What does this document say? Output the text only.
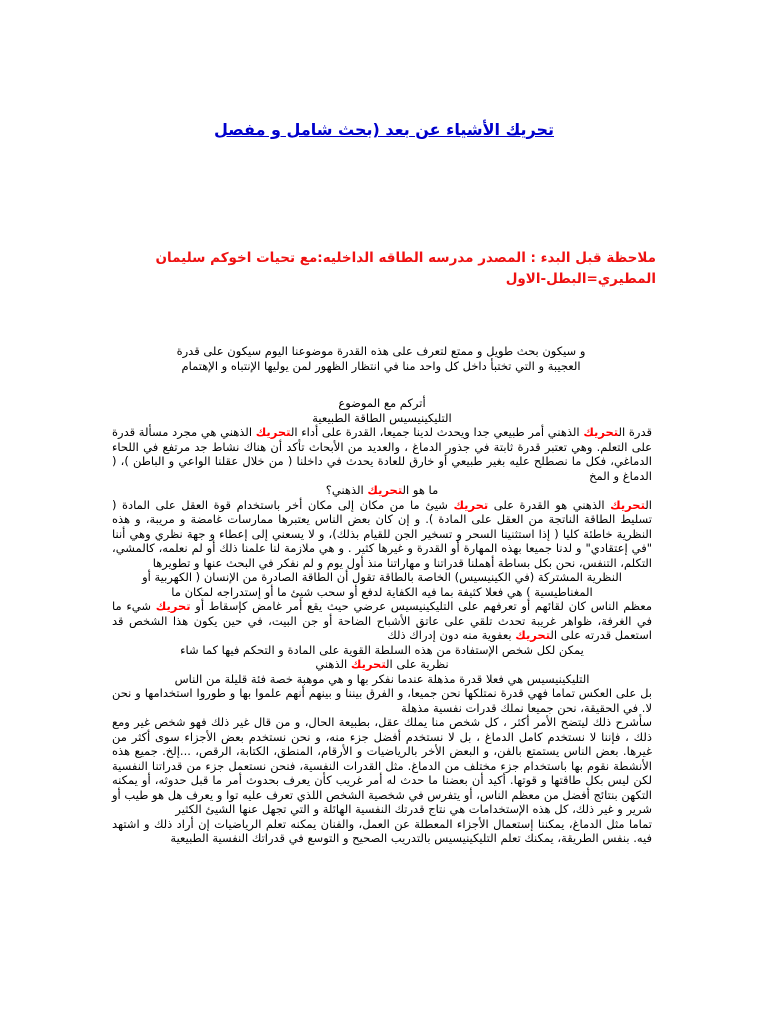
تحريك الأشياء عن بعد (بحث شامل و مفصل
ملاحظة قبل البدء : المصدر مدرسه الطاقه الداخليه:مع تحيات اخوكم سليمان المطيري=البطل-الاول
و سيكون بحث طويل و ممتع لتعرف على هذه القدرة موضوعنا اليوم سيكون على قدرة
العجيبة و التي تختبأ داخل كل واحد منا في انتظار الظهور لمن يوليها الإنتباه و الإهتمام

أتركم مع الموضوع

التليكينيسيس الطاقة الطبيعية

قدرة التحريك الذهني أمر طبيعي جدا ويحدث لدينا جميعا، القدرة على أداء التحريك الذهني هي مجرد مسألة قدرة على التعلم. وهي تعتبر قدرة ثابتة في جذور الدماغ ، والعديد من الأبحاث تأكد أن هناك نشاط جد مرتفع في اللحاء الدماغي، فكل ما نصطلح عليه بغير طبيعي أو خارق للعادة يحدث في داخلنا ( من خلال عقلنا الواعي و الباطن )، ( الدماغ و المخ

ما هو التحريك الذهني؟

التحريك الذهني هو القدرة على تحريك شيئ ما من مكان إلى مكان أخر باستخدام قوة العقل على المادة ( تسليط الطاقة الناتجة من العقل على المادة ). و إن كان بعض الناس يعتبرها ممارسات غامضة و مريبة، و هذه النظرية خاطئة كليا ( إذا استثنينا السحر و تسخير الجن للقيام بذلك)، و لا يسعني إلى إعطاء و جهة نظري وهي أننا "في إعتقادي" و لدنا جميعا بهذه المهارة أو القدرة و غيرها كثير . و هي ملازمة لنا علمنا ذلك أو لم نعلمه، كالمشي، التكلم، التنفس، نحن بكل بساطة أهملنا قدراتنا و مهاراتنا منذ أول يوم و لم نفكر في البحث عنها و تطويرها

النظرية المشتركة (في الكينيسيس) الخاصة بالطاقة تقول أن الطاقة الصادرة من الإنسان ( الكهربية أو المغناطيسية ) هي فعلا كثيفة بما فيه الكفاية لدفع أو سحب شيئ ما أو إستدراجه لمكان ما

معظم الناس كان لقائهم أو تعرفهم على التليكينيسيس عرضي حيث يقع أمر غامض كإسقاط أو تحريك شيء ما في الغرفة، ظواهر غريبة تحدث تلقي على عاتق الأشباح الضاحة أو جن البيت، في حين يكون هذا الشخص قد استعمل قدرته على التحريك بعفوية منه دون إدراك ذلك

يمكن لكل شخص الإستفادة من هذه السلطة القوية على المادة و التحكم فيها كما شاء

نظرية على التحريك الذهني

التليكينيسيس هي فعلا قدرة مذهلة عندما نفكر بها و هي موهبة خصة فئة قليلة من الناس

بل على العكس تماما فهي قدرة نمتلكها نحن جميعا، و الفرق بيننا و بينهم أنهم علموا بها و طوروا استخدامها و نحن لا. في الحقيقة، نحن جميعا نملك قدرات نفسية مذهلة

سأشرح ذلك ليتضح الأمر أكثر ، كل شخص منا يملك عقل، بطبيعة الحال، و من قال غير ذلك فهو شخص غير ومع ذلك ، فإننا لا نستخدم كامل الدماغ ، بل لا نستخدم أفضل جزء منه، و نحن نستخدم بعض الأجزاء سوى أكثر من غيرها. بعض الناس يستمتع بالفن، و البعض الأخر بالرياضيات و الأرقام، المنطق، الكتابة، الرقص، ...إلخ. جميع هذه الأنشطة نقوم بها باستخدام جزء مختلف من الدماغ. مثل القدرات النفسية، فنحن نستعمل جزء من قدراتنا النفسية لكن ليس بكل طاقتها و قوتها. أكيد أن بعضنا ما حدث له أمر غريب كأن يعرف بحدوث أمر ما قبل حدوثه، أو يمكنه التكهن بنتائج أفضل من معظم الناس، أو يتفرس في شخصية الشخص اللذي تعرف عليه توا و يعرف هل هو طيب أو شرير و غير ذلك، كل هذه الإستخدامات هي نتاج قدرتك النفسية الهائلة و التي تجهل عنها الشيئ الكثير

تماما مثل الدماغ، يمكننا إستعمال الأجزاء المعطلة عن العمل، والفنان يمكنه تعلم الرياضيات إن أراد ذلك و اشتهد فيه. بنفس الطريقة، يمكنك تعلم التليكينيسيس بالتدريب الصحيح و التوسع في قدراتك النفسية الطبيعية
